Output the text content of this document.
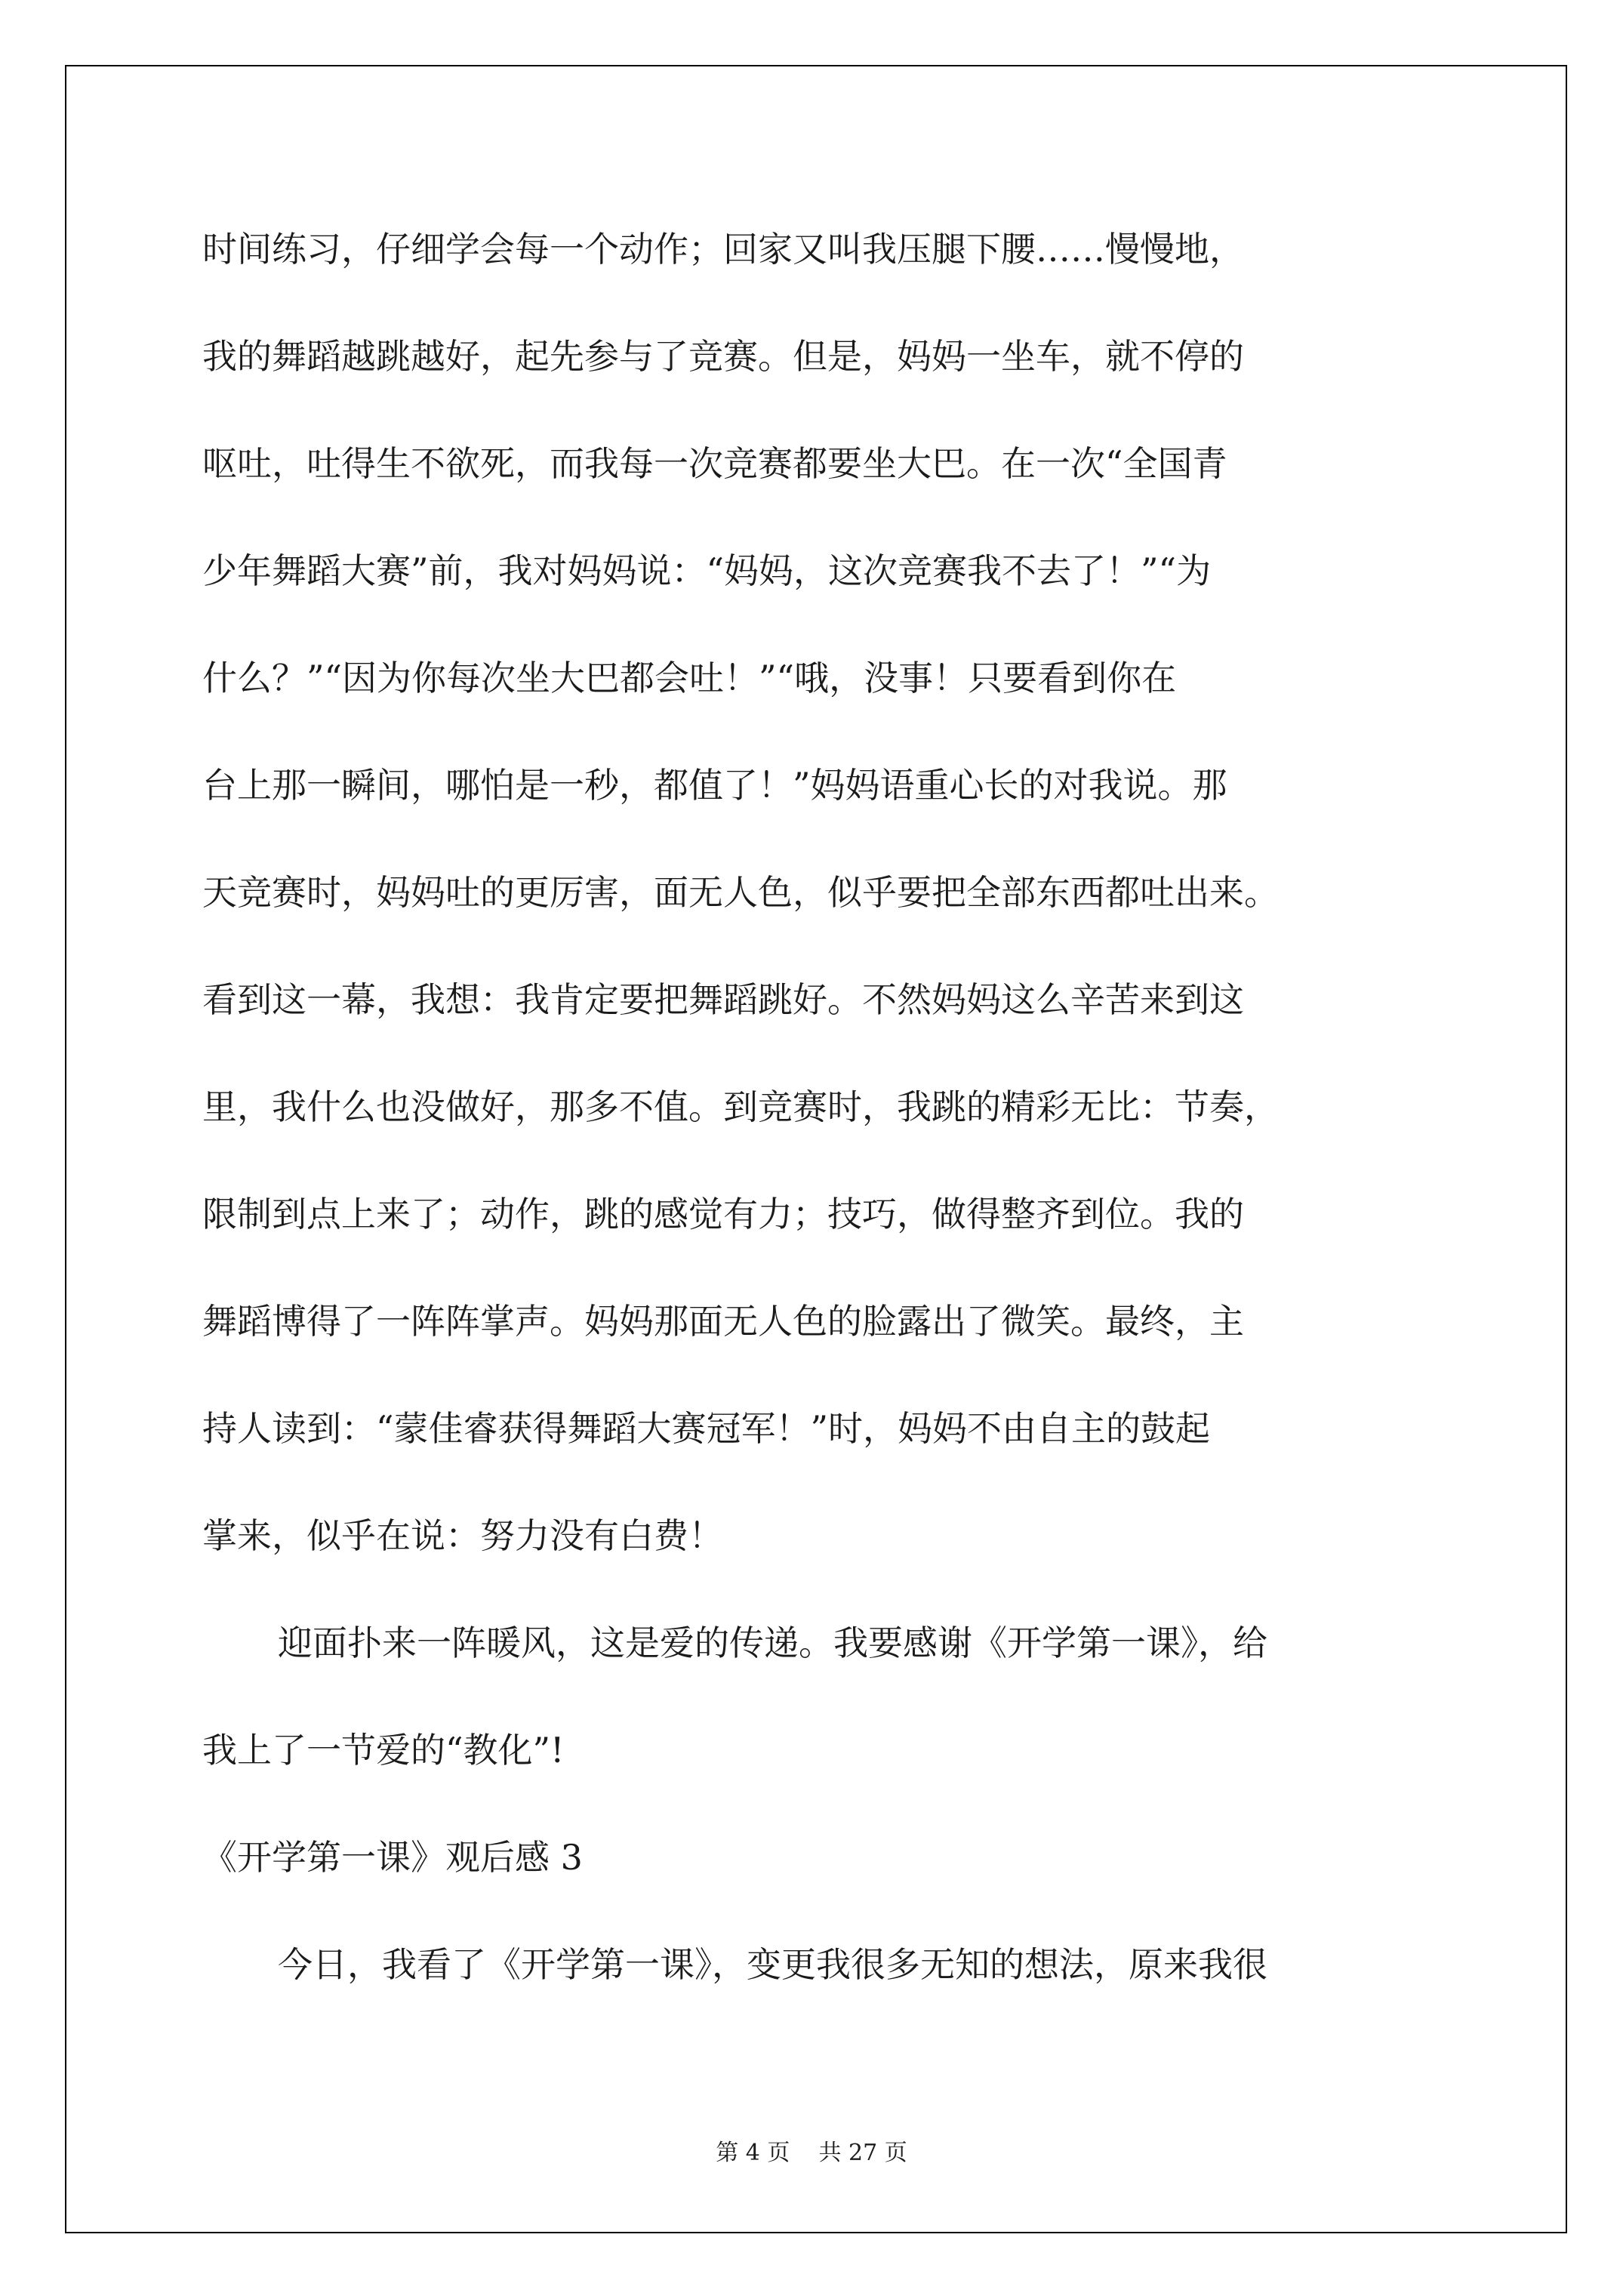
时间练习，仔细学会每一个动作；回家又叫我压腿下腰……慢慢地，

我的舞蹈越跳越好，起先参与了竞赛。但是，妈妈一坐车，就不停的

呕吐，吐得生不欲死，而我每一次竞赛都要坐大巴。在一次“全国青

少年舞蹈大赛”前，我对妈妈说：“妈妈，这次竞赛我不去了！”“为

什么？”“因为你每次坐大巴都会吐！”“哦，没事！只要看到你在

台上那一瞬间，哪怕是一秒，都值了！”妈妈语重心长的对我说。那

天竞赛时，妈妈吐的更厉害，面无人色，似乎要把全部东西都吐出来。

看到这一幕，我想：我肯定要把舞蹈跳好。不然妈妈这么辛苦来到这

里，我什么也没做好，那多不值。到竞赛时，我跳的精彩无比：节奏，

限制到点上来了；动作，跳的感觉有力；技巧，做得整齐到位。我的

舞蹈博得了一阵阵掌声。妈妈那面无人色的脸露出了微笑。最终，主

持人读到：“蒙佳睿获得舞蹈大赛冠军！”时，妈妈不由自主的鼓起

掌来，似乎在说：努力没有白费！

迎面扑来一阵暖风，这是爱的传递。我要感谢《开学第一课》，给

我上了一节爱的“教化”!

《开学第一课》观后感 3

今日，我看了《开学第一课》，变更我很多无知的想法，原来我很

第 4 页    共 27 页
